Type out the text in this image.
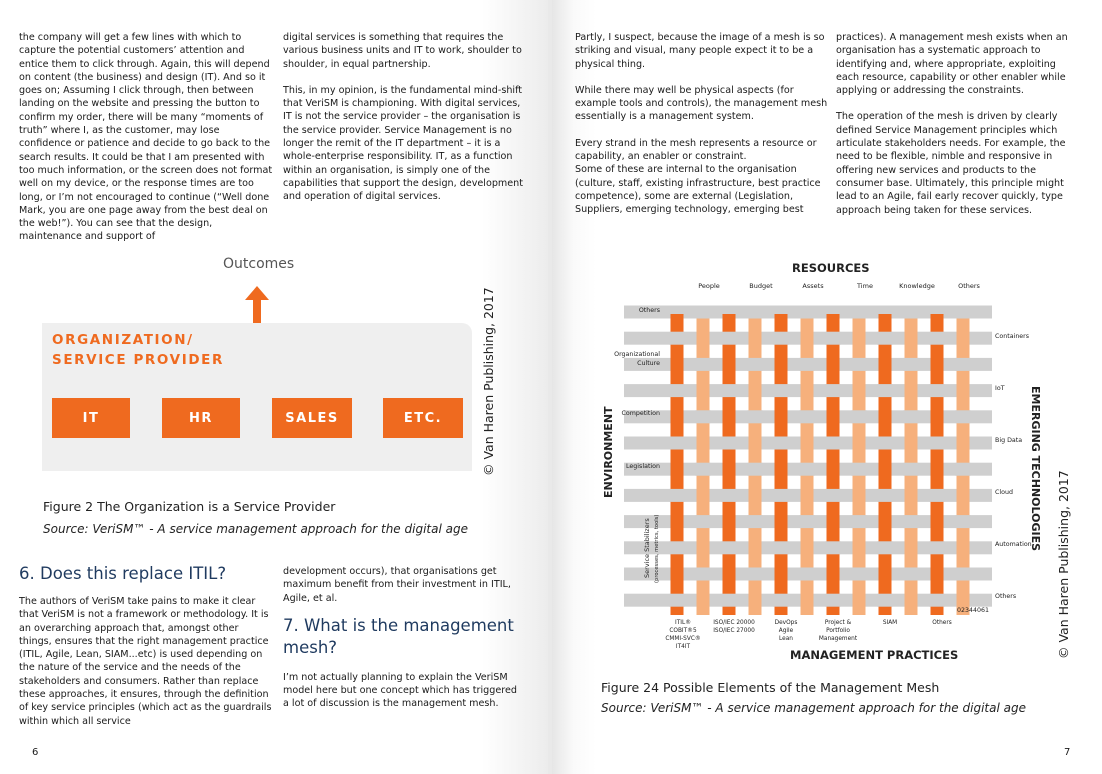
the company will get a few lines with which to capture the potential customers’ attention and entice them to click through. Again, this will depend on content (the business) and design (IT). And so it goes on; Assuming I click through, then between landing on the website and pressing the button to confirm my order, there will be many “moments of truth” where I, as the customer, may lose confidence or patience and decide to go back to the search results. It could be that I am presented with too much information, or the screen does not format well on my device, or the response times are too long, or I’m not encouraged to continue (“Well done Mark, you are one page away from the best deal on the web!”). You can see that the design, maintenance and support of

digital services is something that requires the various business units and IT to work, shoulder to shoulder, in equal partnership.

This, in my opinion, is the fundamental mind-shift that VeriSM is championing. With digital services, IT is not the service provider – the organisation is the service provider. Service Management is no longer the remit of the IT department – it is a whole-enterprise responsibility. IT, as a function within an organisation, is simply one of the capabilities that support the design, development and operation of digital services.

Outcomes
ORGANIZATION/
SERVICE PROVIDER
IT	HR	SALES	ETC.	© Van Haren Publishing, 2017
Figure 2 The Organization is a Service Provider
Source: VeriSM™ - A service management approach for the digital age
6. Does this replace ITIL?

The authors of VeriSM take pains to make it clear that VeriSM is not a framework or methodology. It is an overarching approach that, amongst other things, ensures that the right management practice (ITIL, Agile, Lean, SIAM...etc) is used depending on the nature of the service and the needs of the stakeholders and consumers. Rather than replace these approaches, it ensures, through the definition of key service principles (which act as the guardrails within which all service

development occurs), that organisations get maximum benefit from their investment in ITIL, Agile, et al.

7. What is the management mesh?

I’m not actually planning to explain the VeriSM model here but one concept which has triggered a lot of discussion is the management mesh.

6

Partly, I suspect, because the image of a mesh is so striking and visual, many people expect it to be a physical thing.

While there may well be physical aspects (for example tools and controls), the management mesh essentially is a management system.

Every strand in the mesh represents a resource or capability, an enabler or constraint.

Some of these are internal to the organisation (culture, staff, existing infrastructure, best practice competence), some are external (Legislation, Suppliers, emerging technology, emerging best

practices). A management mesh exists when an organisation has a systematic approach to identifying and, where appropriate, exploiting each resource, capability or other enabler while applying or addressing the constraints.

The operation of the mesh is driven by clearly defined Service Management principles which articulate stakeholders needs. For example, the need to be flexible, nimble and responsive in offering new services and products to the consumer base. Ultimately, this principle might lead to an Agile, fail early recover quickly, type approach being taken for these services.

RESOURCES
MANAGEMENT PRACTICES
ENVIRONMENT	EMERGING TECHNOLOGIES
People	Budget	Assets	Time	Knowledge	Others
Others
Organizational
Culture
Competition
Legislation
Service Stabilizers (processes, metrics, tools)
Containers
IoT
Big Data
Cloud
Automation
Others
02344061
ITIL®
COBIT®5
CMMI-SVC®
IT4IT
ISO/IEC 20000
ISO/IEC 27000
DevOps
Agile
Lean
Project &
Portfolio
Management
SIAM	Others	© Van Haren Publishing, 2017
Figure 24 Possible Elements of the Management Mesh
Source: VeriSM™ - A service management approach for the digital age
7
